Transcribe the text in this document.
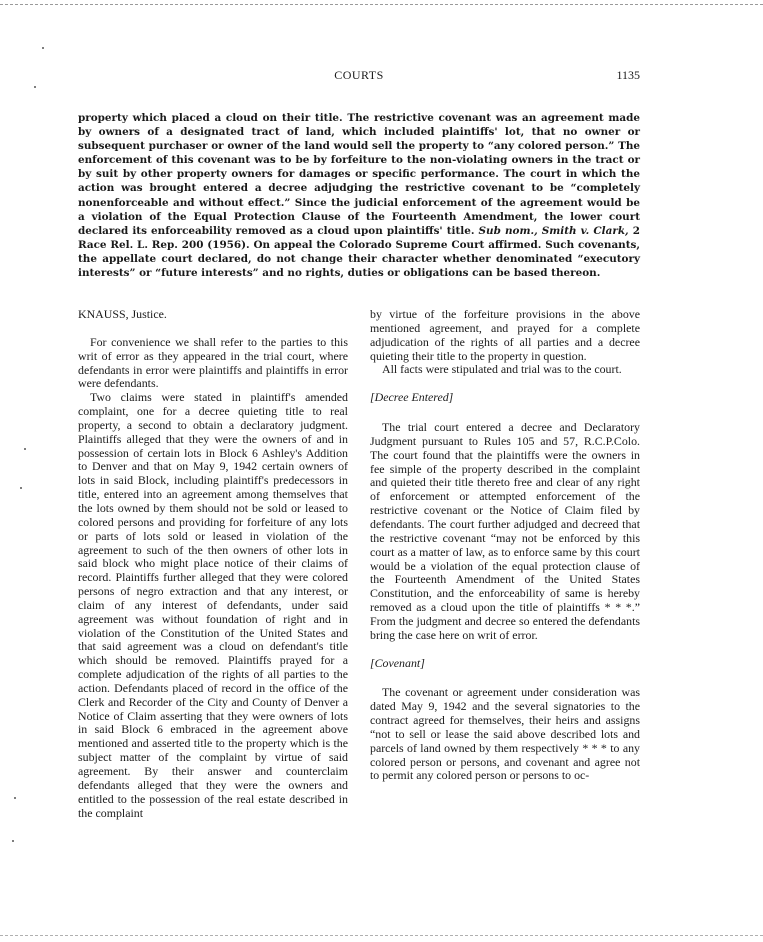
COURTS	1135
property which placed a cloud on their title. The restrictive covenant was an agreement made by owners of a designated tract of land, which included plaintiffs' lot, that no owner or subsequent purchaser or owner of the land would sell the property to “any colored person.” The enforcement of this covenant was to be by forfeiture to the non-violating owners in the tract or by suit by other property owners for damages or specific performance. The court in which the action was brought entered a decree adjudging the restrictive covenant to be “completely nonenforceable and without effect.” Since the judicial enforcement of the agreement would be a violation of the Equal Protection Clause of the Fourteenth Amendment, the lower court declared its enforceability removed as a cloud upon plaintiffs' title. Sub nom., Smith v. Clark, 2 Race Rel. L. Rep. 200 (1956). On appeal the Colorado Supreme Court affirmed. Such covenants, the appellate court declared, do not change their character whether denominated “executory interests” or “future interests” and no rights, duties or obligations can be based thereon.

KNAUSS, Justice.

For convenience we shall refer to the parties to this writ of error as they appeared in the trial court, where defendants in error were plaintiffs and plaintiffs in error were defendants.

Two claims were stated in plaintiff's amended complaint, one for a decree quieting title to real property, a second to obtain a declaratory judgment. Plaintiffs alleged that they were the owners of and in possession of certain lots in Block 6 Ashley's Addition to Denver and that on May 9, 1942 certain owners of lots in said Block, including plaintiff's predecessors in title, entered into an agreement among themselves that the lots owned by them should not be sold or leased to colored persons and providing for forfeiture of any lots or parts of lots sold or leased in violation of the agreement to such of the then owners of other lots in said block who might place notice of their claims of record. Plaintiffs further alleged that they were colored persons of negro extraction and that any interest, or claim of any interest of defendants, under said agreement was without foundation of right and in violation of the Constitution of the United States and that said agreement was a cloud on defendant's title which should be removed. Plaintiffs prayed for a complete adjudication of the rights of all parties to the action. Defendants placed of record in the office of the Clerk and Recorder of the City and County of Denver a Notice of Claim asserting that they were owners of lots in said Block 6 embraced in the agreement above mentioned and asserted title to the property which is the subject matter of the complaint by virtue of said agreement. By their answer and counterclaim defendants alleged that they were the owners and entitled to the possession of the real estate described in the complaint

by virtue of the forfeiture provisions in the above mentioned agreement, and prayed for a complete adjudication of the rights of all parties and a decree quieting their title to the property in question.

All facts were stipulated and trial was to the court.

[Decree Entered]

The trial court entered a decree and Declaratory Judgment pursuant to Rules 105 and 57, R.C.P.Colo. The court found that the plaintiffs were the owners in fee simple of the property described in the complaint and quieted their title thereto free and clear of any right of enforcement or attempted enforcement of the restrictive covenant or the Notice of Claim filed by defendants. The court further adjudged and decreed that the restrictive covenant “may not be enforced by this court as a matter of law, as to enforce same by this court would be a violation of the equal protection clause of the Fourteenth Amendment of the United States Constitution, and the enforceability of same is hereby removed as a cloud upon the title of plaintiffs * * *.” From the judgment and decree so entered the defendants bring the case here on writ of error.

[Covenant]

The covenant or agreement under consideration was dated May 9, 1942 and the several signatories to the contract agreed for themselves, their heirs and assigns “not to sell or lease the said above described lots and parcels of land owned by them respectively * * * to any colored person or persons, and covenant and agree not to permit any colored person or persons to oc-
